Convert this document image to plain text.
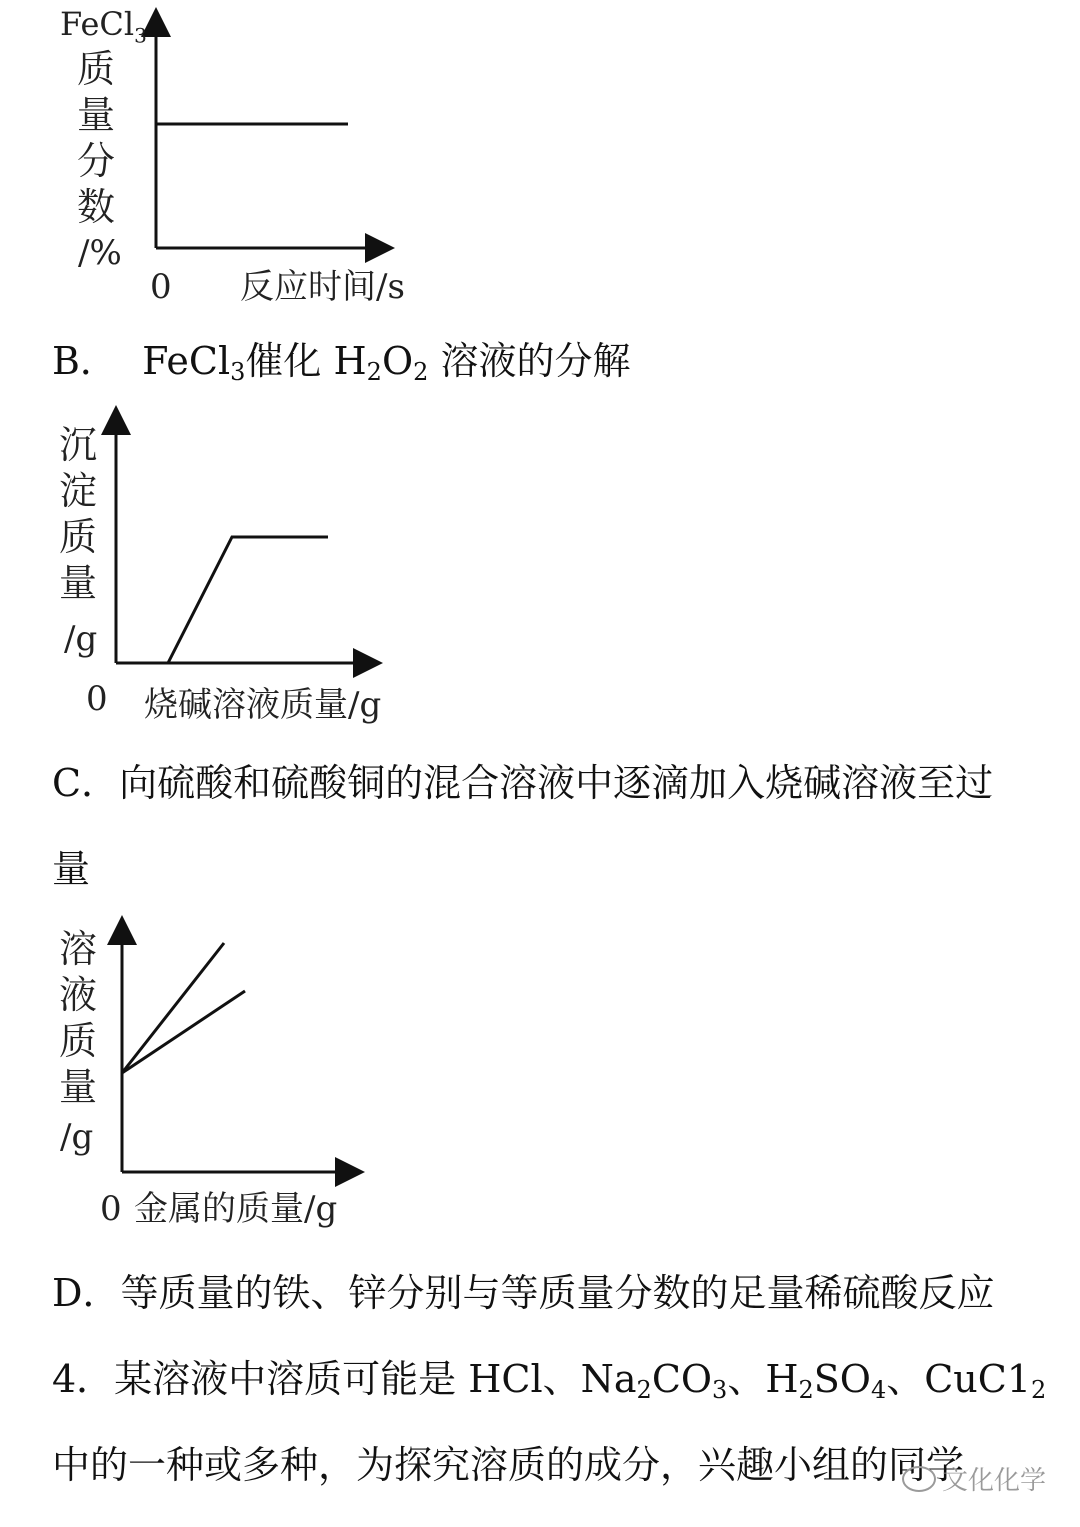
FeCl$_3$
质
量
分
数
/%
0 反应时间/s
B． FeCl$_3$催化 $H_2O_2$ 溶液的分解
沉
淀
质
量
/g
0 烧碱溶液质量/g
C．向硫酸和硫酸铜的混合溶液中逐滴加入烧碱溶液至过
量
溶
液
质
量
/g
0 金属的质量/g
D．等质量的铁、锌分别与等质量分数的足量稀硫酸反应
4．某溶液中溶质可能是 HCl、$Na_2CO_3$、$H_2SO_4$、$CuC1_2$
中的一种或多种，为探究溶质的成分，兴趣小组的同学
文化化学
